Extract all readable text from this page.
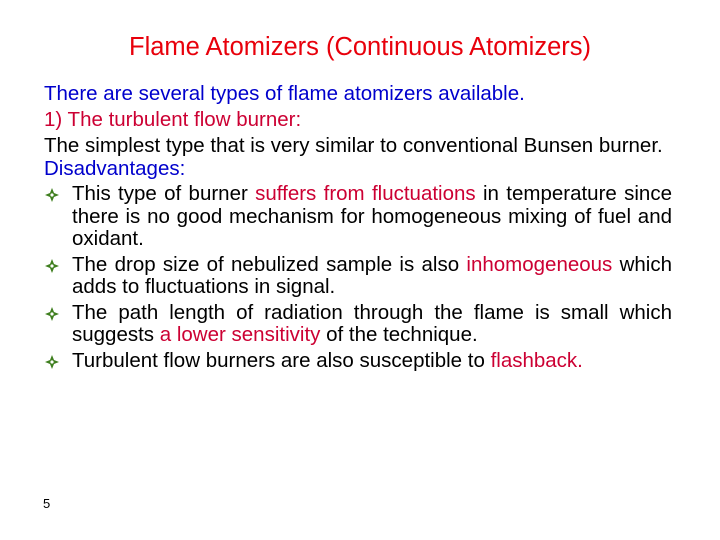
Flame Atomizers (Continuous Atomizers)
There are several types of flame atomizers available.
1) The turbulent flow burner:
The simplest type that is very similar to conventional Bunsen burner.
Disadvantages:
This type of burner suffers from fluctuations in temperature since there is no good mechanism for homogeneous mixing of fuel and oxidant.
The drop size of nebulized sample is also inhomogeneous which adds to fluctuations in signal.
The path length of radiation through the flame is small which suggests a lower sensitivity of the technique.
Turbulent flow burners are also susceptible to flashback.
5
